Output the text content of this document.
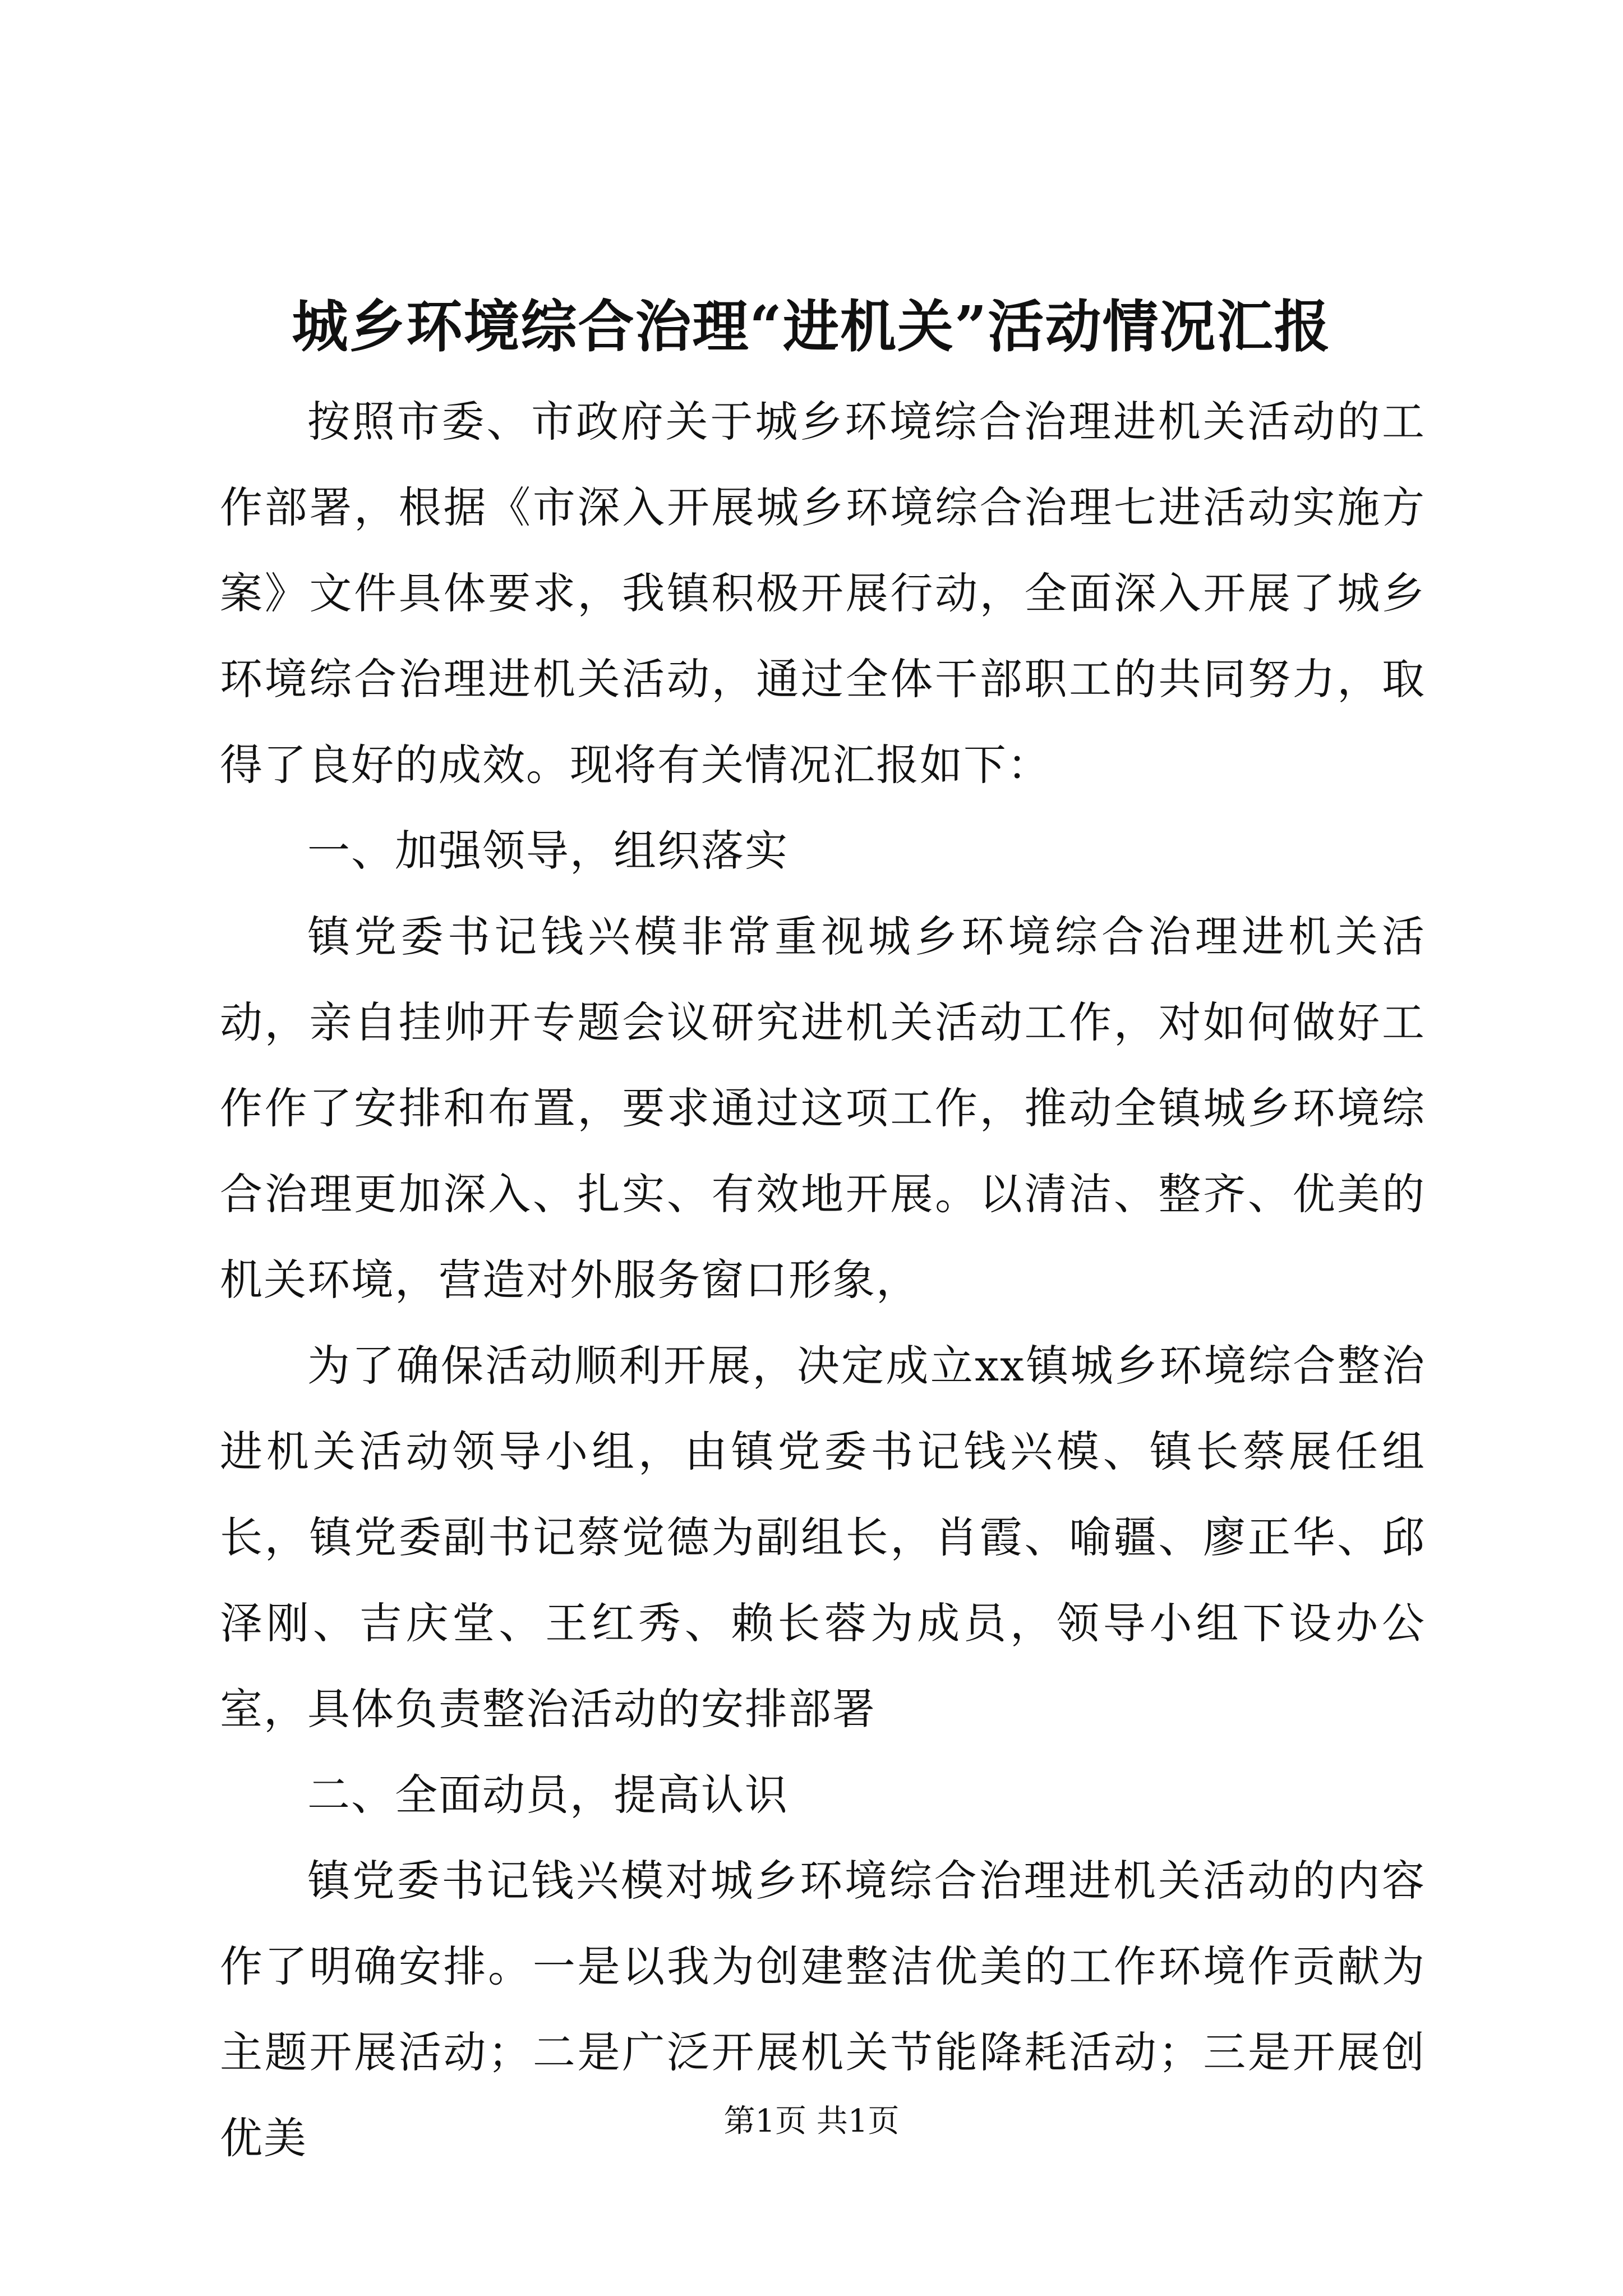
城乡环境综合治理“进机关”活动情况汇报

按照市委、市政府关于城乡环境综合治理进机关活动的工作部署，根据《市深入开展城乡环境综合治理七进活动实施方案》文件具体要求，我镇积极开展行动，全面深入开展了城乡环境综合治理进机关活动，通过全体干部职工的共同努力，取得了良好的成效。现将有关情况汇报如下：

一、加强领导，组织落实

镇党委书记钱兴模非常重视城乡环境综合治理进机关活动，亲自挂帅开专题会议研究进机关活动工作，对如何做好工作作了安排和布置，要求通过这项工作，推动全镇城乡环境综合治理更加深入、扎实、有效地开展。以清洁、整齐、优美的机关环境，营造对外服务窗口形象，

为了确保活动顺利开展，决定成立xx镇城乡环境综合整治进机关活动领导小组，由镇党委书记钱兴模、镇长蔡展任组长，镇党委副书记蔡觉德为副组长，肖霞、喻疆、廖正华、邱泽刚、吉庆堂、王红秀、赖长蓉为成员，领导小组下设办公室，具体负责整治活动的安排部署

二、全面动员，提高认识

镇党委书记钱兴模对城乡环境综合治理进机关活动的内容作了明确安排。一是以我为创建整洁优美的工作环境作贡献为主题开展活动；二是广泛开展机关节能降耗活动；三是开展创优美	第1页 共1页
